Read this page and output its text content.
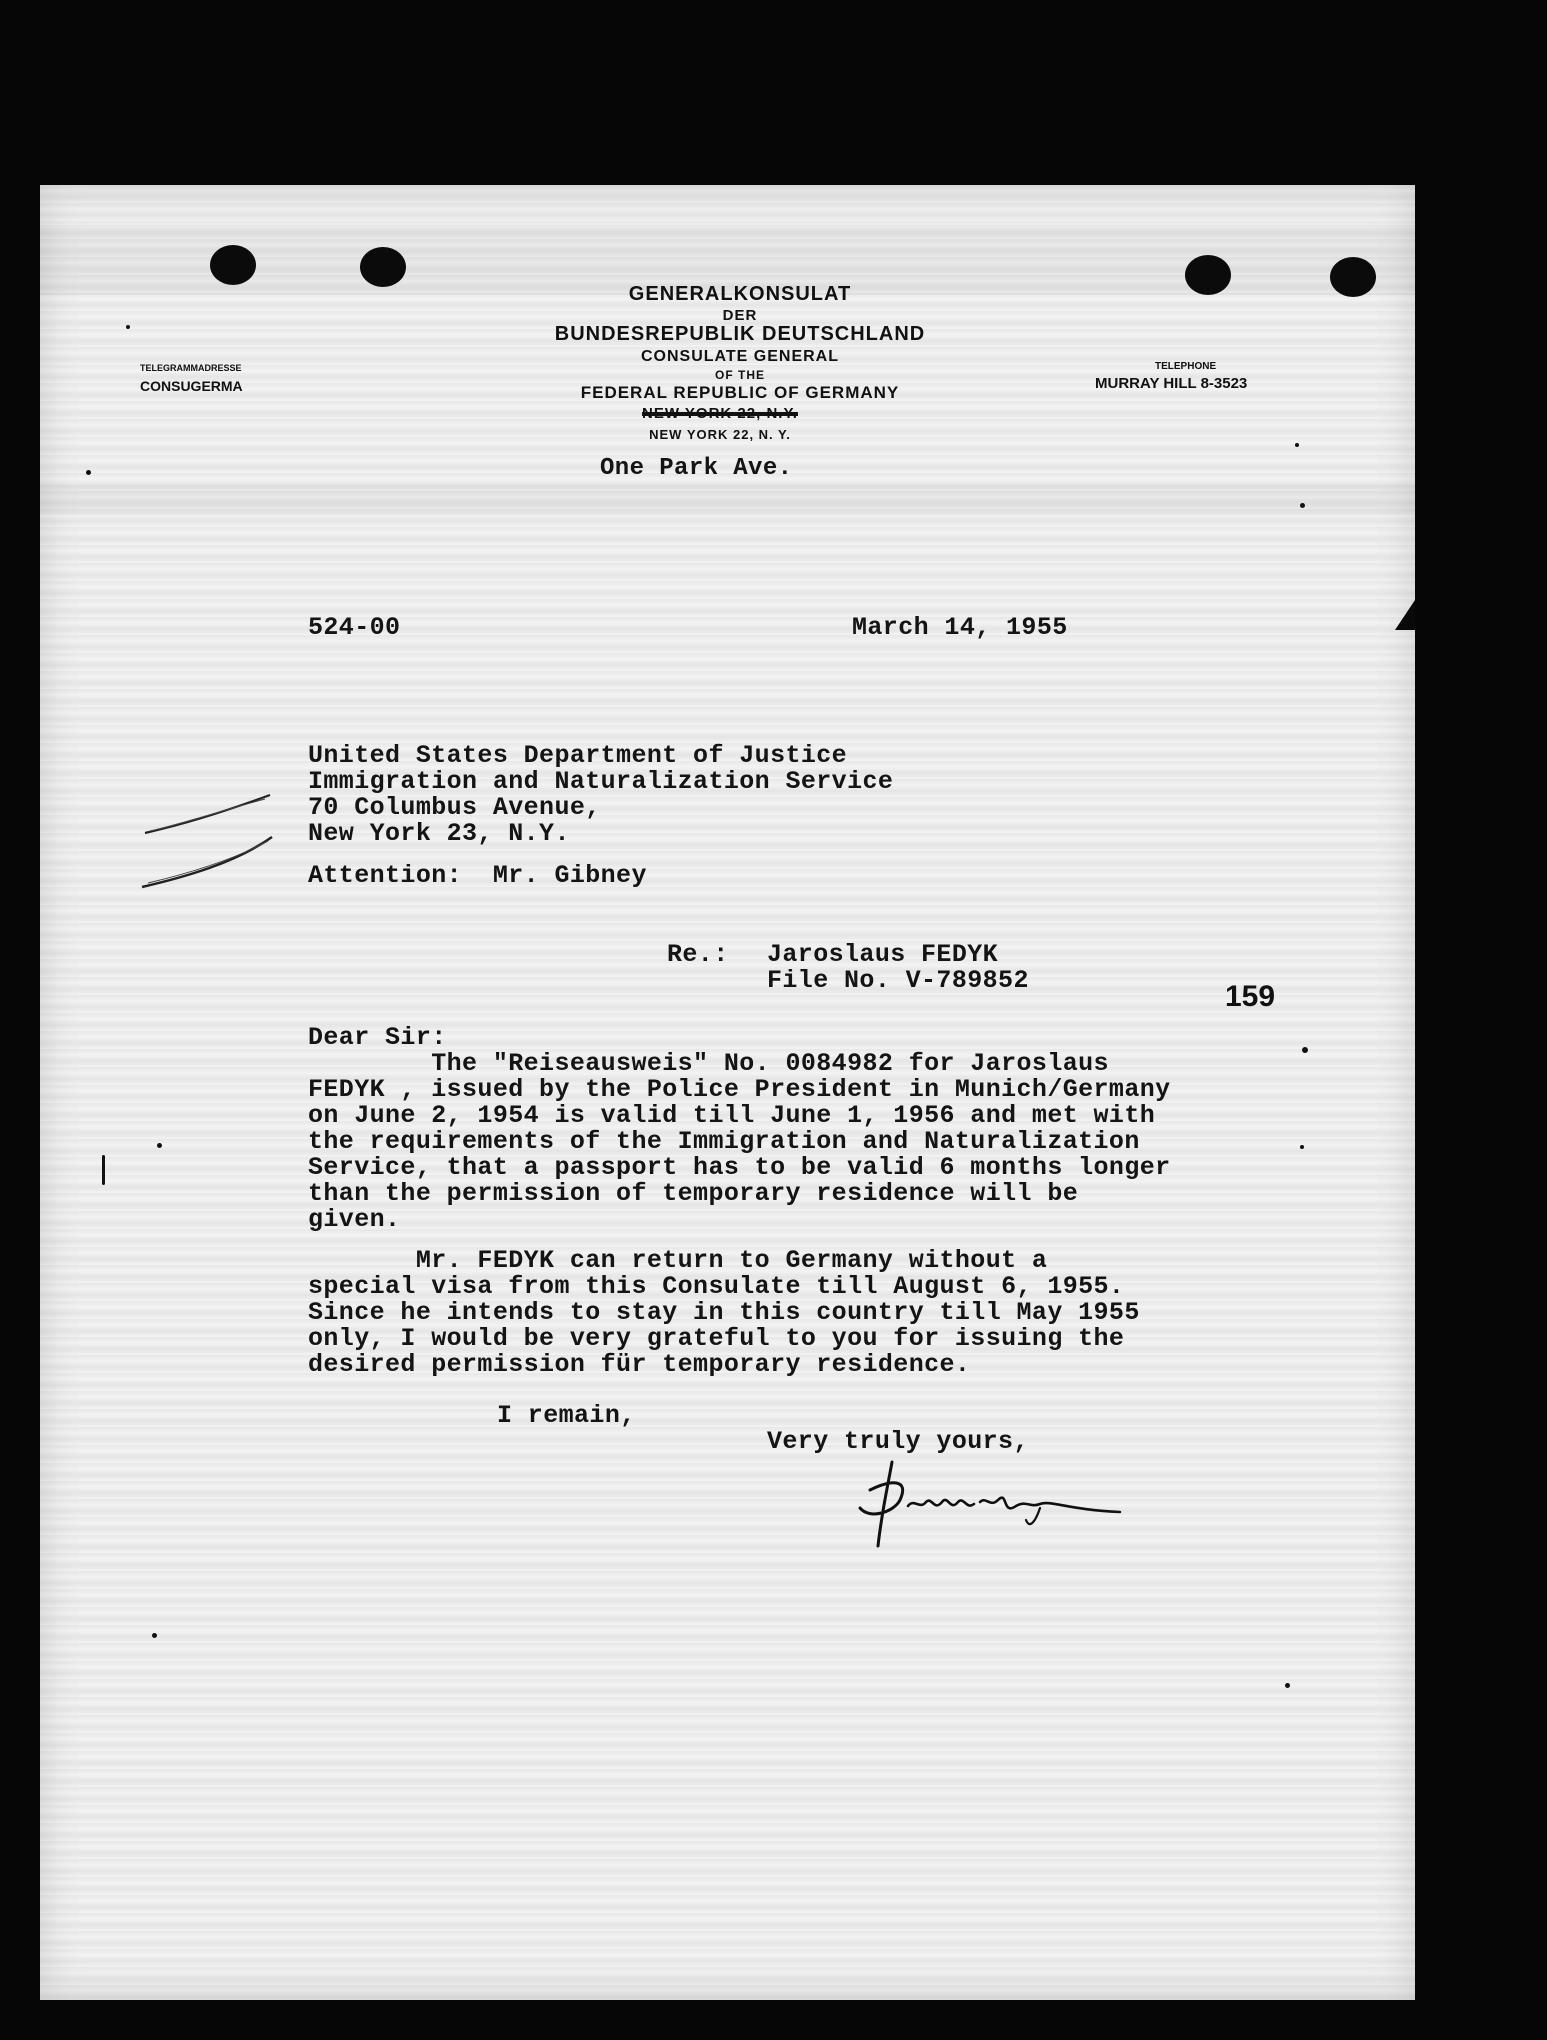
GENERALKONSULAT
DER
BUNDESREPUBLIK DEUTSCHLAND
CONSULATE GENERAL
OF THE
FEDERAL REPUBLIC OF GERMANY
NEW YORK 22, N.Y.
NEW YORK 22, N. Y.
One Park Ave.
TELEGRAMMADRESSE
CONSUGERMA
TELEPHONE
MURRAY HILL 8-3523
524-00	March 14, 1955
United States Department of Justice
Immigration and Naturalization Service
70 Columbus Avenue,
New York 23, N.Y.
Attention:  Mr. Gibney
Re.: Jaroslaus FEDYK
File No. V-789852	159
Dear Sir:
The "Reiseausweis" No. 0084982 for Jaroslaus
FEDYK , issued by the Police President in Munich/Germany
on June 2, 1954 is valid till June 1, 1956 and met with
the requirements of the Immigration and Naturalization
Service, that a passport has to be valid 6 months longer
than the permission of temporary residence will be
given.
Mr. FEDYK can return to Germany without a
special visa from this Consulate till August 6, 1955.
Since he intends to stay in this country till May 1955
only, I would be very grateful to you for issuing the
desired permission für temporary residence.
I remain,
Very truly yours,
